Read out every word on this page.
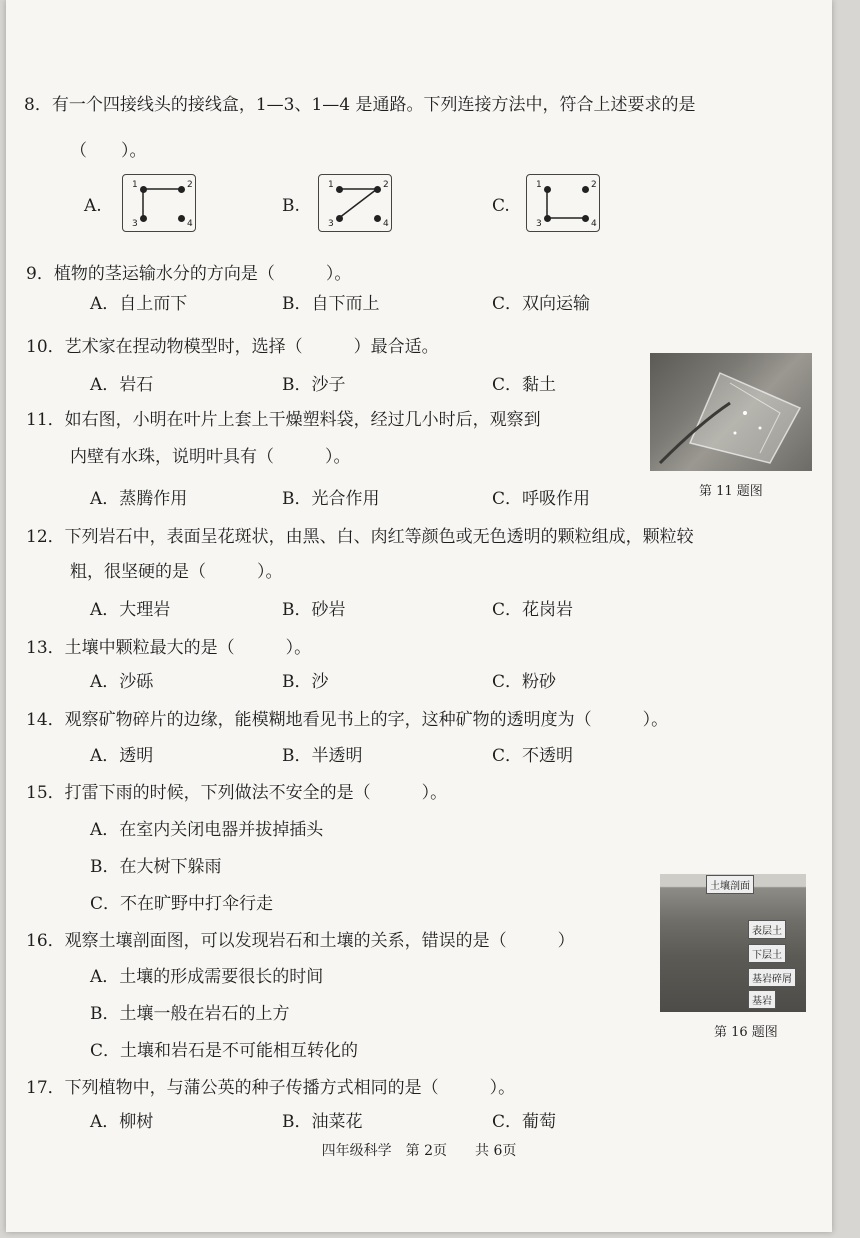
8．有一个四接线头的接线盒，1—3、1—4 是通路。下列连接方法中，符合上述要求的是
（　　）。
A.
1	2
3	4
B.
1	2
3	4
C.
1	2
3	4
9．植物的茎运输水分的方向是（　　　）。
A．自上而下	B．自下而上	C．双向运输
10．艺术家在捏动物模型时，选择（　　　）最合适。
A．岩石	B．沙子	C．黏土
第 11 题图
11．如右图，小明在叶片上套上干燥塑料袋，经过几小时后，观察到
内壁有水珠，说明叶具有（　　　）。
A．蒸腾作用	B．光合作用	C．呼吸作用
12．下列岩石中，表面呈花斑状，由黑、白、肉红等颜色或无色透明的颗粒组成，颗粒较
粗，很坚硬的是（　　　）。
A．大理岩	B．砂岩	C．花岗岩
13．土壤中颗粒最大的是（　　　）。
A．沙砾	B．沙	C．粉砂
14．观察矿物碎片的边缘，能模糊地看见书上的字，这种矿物的透明度为（　　　）。
A．透明	B．半透明	C．不透明
15．打雷下雨的时候，下列做法不安全的是（　　　）。
A．在室内关闭电器并拔掉插头
B．在大树下躲雨
C．不在旷野中打伞行走
土壤剖面
表层土
下层土
基岩碎屑
基岩
第 16 题图
16．观察土壤剖面图，可以发现岩石和土壤的关系，错误的是（　　　）
A．土壤的形成需要很长的时间
B．土壤一般在岩石的上方
C．土壤和岩石是不可能相互转化的
17．下列植物中，与蒲公英的种子传播方式相同的是（　　　）。
A．柳树	B．油菜花	C．葡萄
四年级科学　第 2页　　共 6页
